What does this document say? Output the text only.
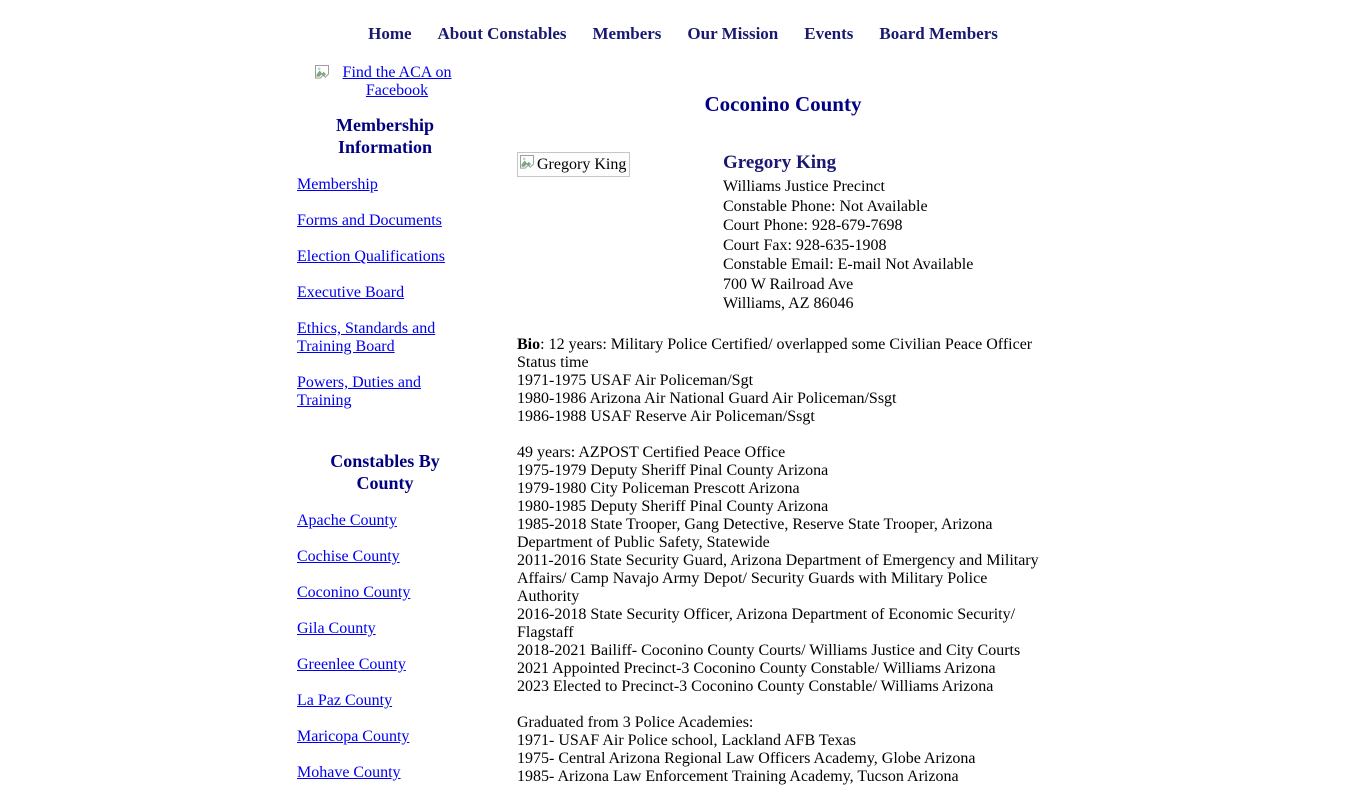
Home About Constables Members Our Mission Events Board Members
Find the ACA on Facebook
Membership Information

Membership

Forms and Documents

Election Qualifications

Executive Board

Ethics, Standards and Training Board

Powers, Duties and Training

Constables By County

Apache County

Cochise County

Coconino County

Gila County

Greenlee County

La Paz County

Maricopa County

Mohave County

Coconino County
Gregory King	Gregory King
Williams Justice Precinct
Constable Phone: Not Available
Court Phone: 928-679-7698
Court Fax: 928-635-1908
Constable Email: E-mail Not Available
700 W Railroad Ave
Williams, AZ 86046
Bio: 12 years: Military Police Certified/ overlapped some Civilian Peace Officer Status time
1971-1975 USAF Air Policeman/Sgt
1980-1986 Arizona Air National Guard Air Policeman/Ssgt
1986-1988 USAF Reserve Air Policeman/Ssgt

49 years: AZPOST Certified Peace Office
1975-1979 Deputy Sheriff Pinal County Arizona
1979-1980 City Policeman Prescott Arizona
1980-1985 Deputy Sheriff Pinal County Arizona
1985-2018 State Trooper, Gang Detective, Reserve State Trooper, Arizona Department of Public Safety, Statewide
2011-2016 State Security Guard, Arizona Department of Emergency and Military Affairs/ Camp Navajo Army Depot/ Security Guards with Military Police Authority
2016-2018 State Security Officer, Arizona Department of Economic Security/ Flagstaff
2018-2021 Bailiff- Coconino County Courts/ Williams Justice and City Courts
2021 Appointed Precinct-3 Coconino County Constable/ Williams Arizona
2023 Elected to Precinct-3 Coconino County Constable/ Williams Arizona

Graduated from 3 Police Academies:
1971- USAF Air Police school, Lackland AFB Texas
1975- Central Arizona Regional Law Officers Academy, Globe Arizona
1985- Arizona Law Enforcement Training Academy, Tucson Arizona
